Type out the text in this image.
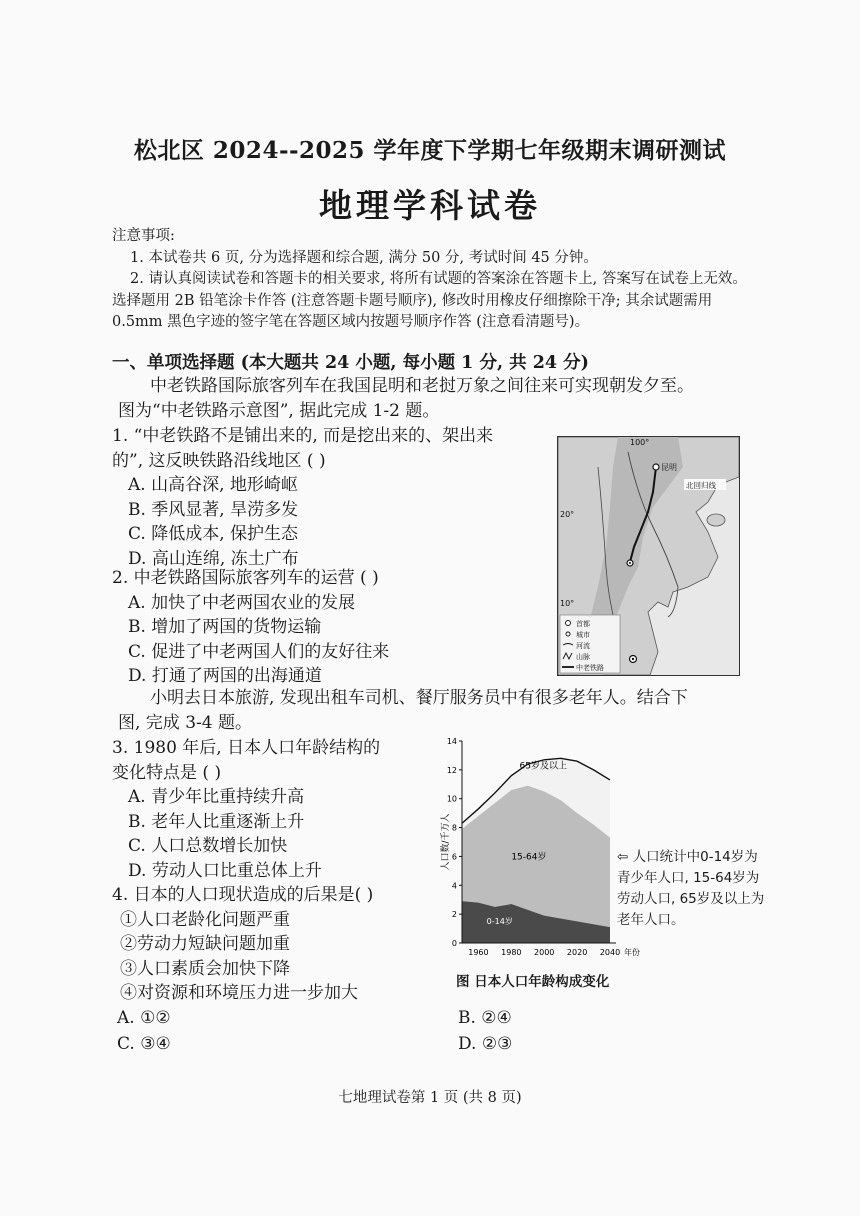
松北区 2024--2025 学年度下学期七年级期末调研测试
地理学科试卷

注意事项:

1. 本试卷共 6 页, 分为选择题和综合题, 满分 50 分, 考试时间 45 分钟。

2. 请认真阅读试卷和答题卡的相关要求, 将所有试题的答案涂在答题卡上, 答案写在试卷上无效。选择题用 2B 铅笔涂卡作答 (注意答题卡题号顺序), 修改时用橡皮仔细擦除干净; 其余试题需用 0.5mm 黑色字迹的签字笔在答题区域内按题号顺序作答 (注意看清题号)。

一、单项选择题 (本大题共 24 小题, 每小题 1 分, 共 24 分)
中老铁路国际旅客列车在我国昆明和老挝万象之间往来可实现朝发夕至。
图为“中老铁路示意图”, 据此完成 1-2 题。

1. “中老铁路不是铺出来的, 而是挖出来的、架出来

的”, 这反映铁路沿线地区 ( )

A. 山高谷深, 地形崎岖

B. 季风显著, 旱涝多发

C. 降低成本, 保护生态

D. 高山连绵, 冻土广布

2. 中老铁路国际旅客列车的运营 ( )

A. 加快了中老两国农业的发展

B. 增加了两国的货物运输

C. 促进了中老两国人们的友好往来

D. 打通了两国的出海通道

100°
昆明
北回归线
20°
10°
首都
城市
河流
山脉
中老铁路
小明去日本旅游, 发现出租车司机、餐厅服务员中有很多老年人。结合下
图, 完成 3-4 题。

3. 1980 年后, 日本人口年龄结构的

变化特点是 ( )

A. 青少年比重持续升高

B. 老年人比重逐渐上升

C. 人口总数增长加快

D. 劳动人口比重总体上升

4. 日本的人口现状造成的后果是( )

①人口老龄化问题严重

②劳动力短缺问题加重

③人口素质会加快下降

④对资源和环境压力进一步加大

A. ①②	B. ②④
C. ③④	D. ②③
0
2
4
6
8
10
12
14
1960 1980 2000 2020 2040 年份
人口数/千万人
65岁及以上
15-64岁
0-14岁
⇦ 人口统计中0-14岁为青少年人口, 15-64岁为劳动人口, 65岁及以上为老年人口。
图 日本人口年龄构成变化
七地理试卷第 1 页 (共 8 页)
